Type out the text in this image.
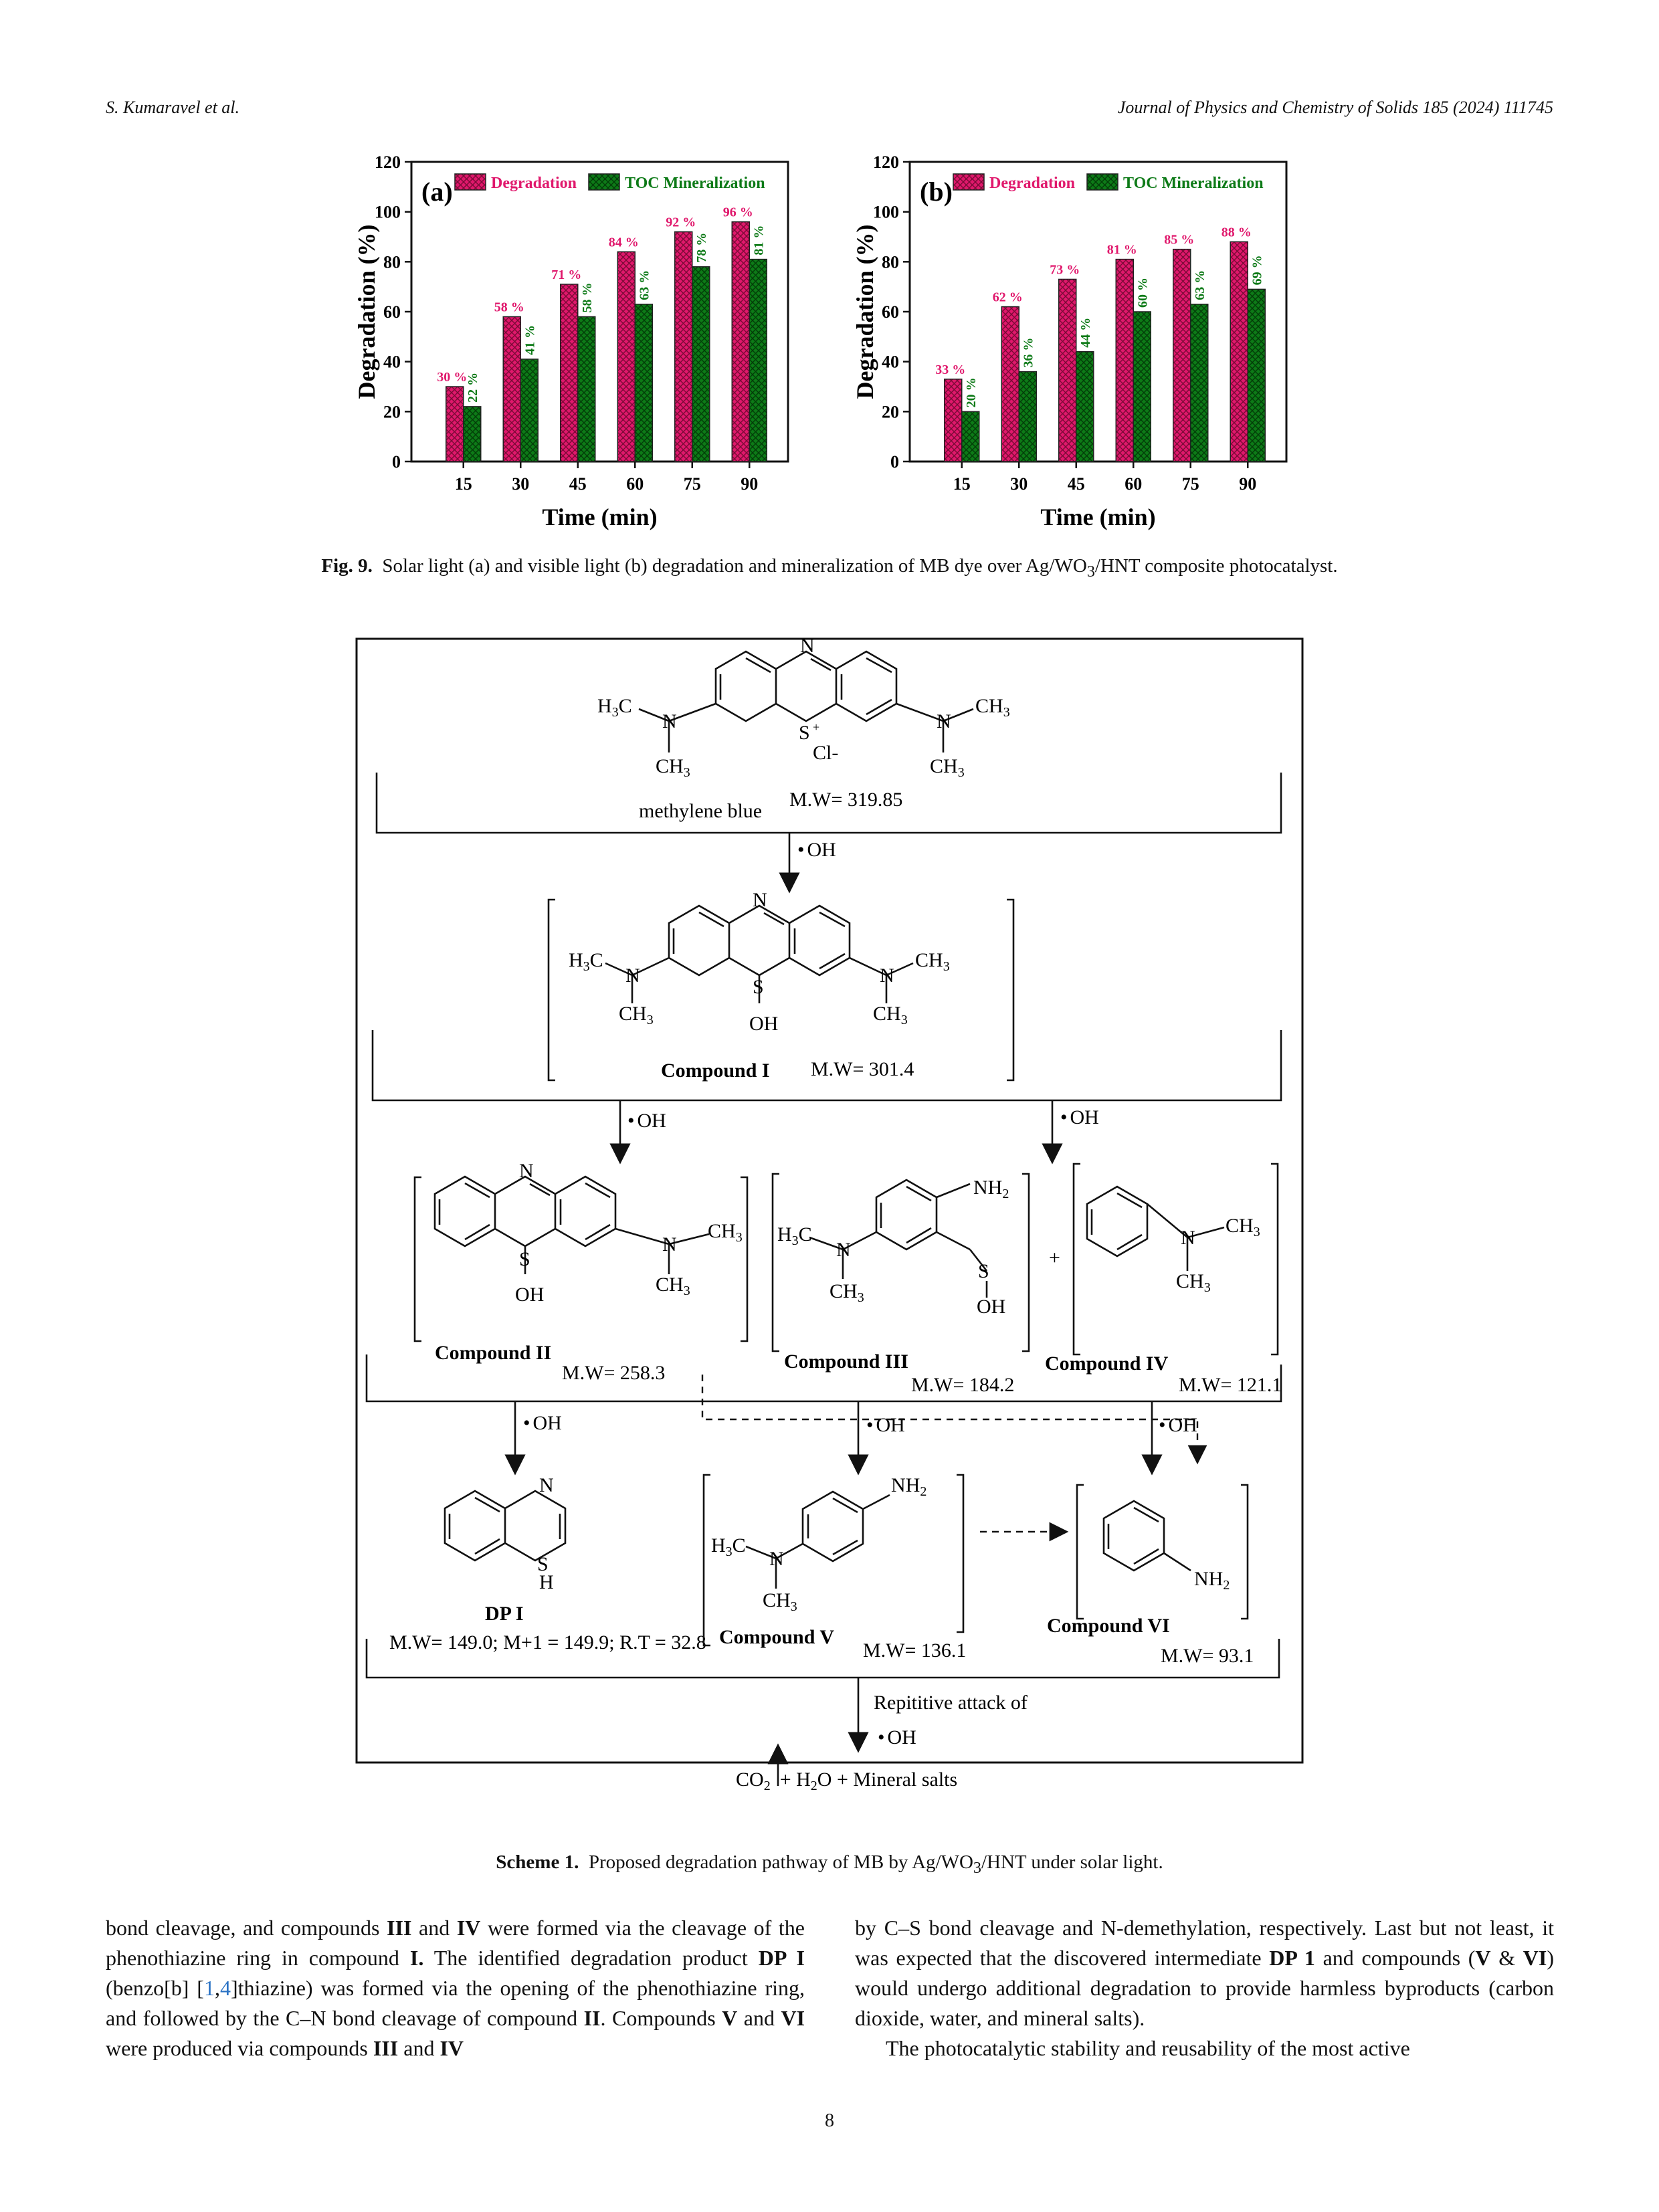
S. Kumaravel et al.	Journal of Physics and Chemistry of Solids 185 (2024) 111745
0
20
40
60
80
100
120
Degradation (%)
15
30 %
22 %
30
58 %
41 %
45
71 %
58 %
60
84 %
63 %
75
92 %
78 %
90
96 %
81 %
Time (min)
(a) Degradation	TOC Mineralization
0
20
40
60
80
100
120
Degradation (%)
15
33 %
20 %
30
62 %
36 %
45
73 %
44 %
60
81 %
60 %
75
85 %
63 %
90
88 %
69 %
Time (min)
(b) Degradation	TOC Mineralization
Fig. 9. Solar light (a) and visible light (b) degradation and mineralization of MB dye over $Ag/WO_3$/HNT composite photocatalyst.
N
S +
Cl-
N	N
$H_3C$
$CH_3$
$CH_3$
$CH_3$
methylene blue
M.W= 319.85
• OH
N
S
OH
N	N
$H_3C$
$CH_3$
$CH_3$
$CH_3$
Compound I M.W= 301.4
• OH	• OH
N
S
OH
N
$CH_3$
$CH_3$
Compound II
M.W= 258.3
$NH_2$
N
$H_3C$
$CH_3$
S
OH
Compound III
M.W= 184.2
+
N
$CH_3$
$CH_3$
Compound IV
M.W= 121.1
• OH	• OH	• OH
N
S
H
DP I
M.W= 149.0; M+1 = 149.9; R.T = 32.8
$NH_2$
N
$H_3C$
$CH_3$
Compound V
M.W= 136.1
$NH_2$
Compound VI
M.W= 93.1
Repititive attack of
• OH
$CO_2 + H_2O$ + Mineral salts
Scheme 1. Proposed degradation pathway of MB by $Ag/WO_3$/HNT under solar light.

bond cleavage, and compounds III and IV were formed via the cleavage of the phenothiazine ring in compound I. The identified degradation product DP I (benzo[b] [1,4]thiazine) was formed via the opening of the phenothiazine ring, and followed by the C–N bond cleavage of compound II. Compounds V and VI were produced via compounds III and IV

by C–S bond cleavage and N-demethylation, respectively. Last but not least, it was expected that the discovered intermediate DP 1 and compounds (V & VI) would undergo additional degradation to provide harmless byproducts (carbon dioxide, water, and mineral salts).

The photocatalytic stability and reusability of the most active

8
